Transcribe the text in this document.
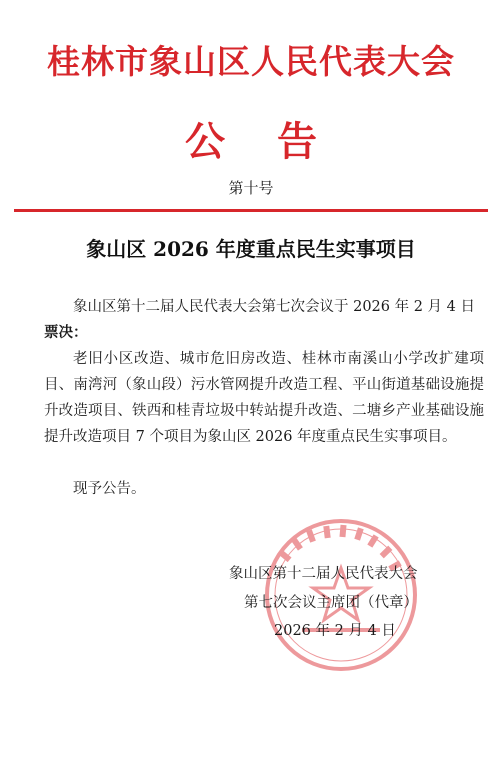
桂林市象山区人民代表大会
公告
第十号
象山区 2026 年度重点民生实事项目
象山区第十二届人民代表大会第七次会议于 2026 年 2 月 4 日
票决：
老旧小区改造、城市危旧房改造、桂林市南溪山小学改扩建项目、南湾河（象山段）污水管网提升改造工程、平山街道基础设施提升改造项目、铁西和桂青垃圾中转站提升改造、二塘乡产业基础设施提升改造项目 7 个项目为象山区 2026 年度重点民生实事项目。
现予公告。
象山区第十二届人民代表大会
第七次会议主席团（代章）
2026 年 2 月 4 日
